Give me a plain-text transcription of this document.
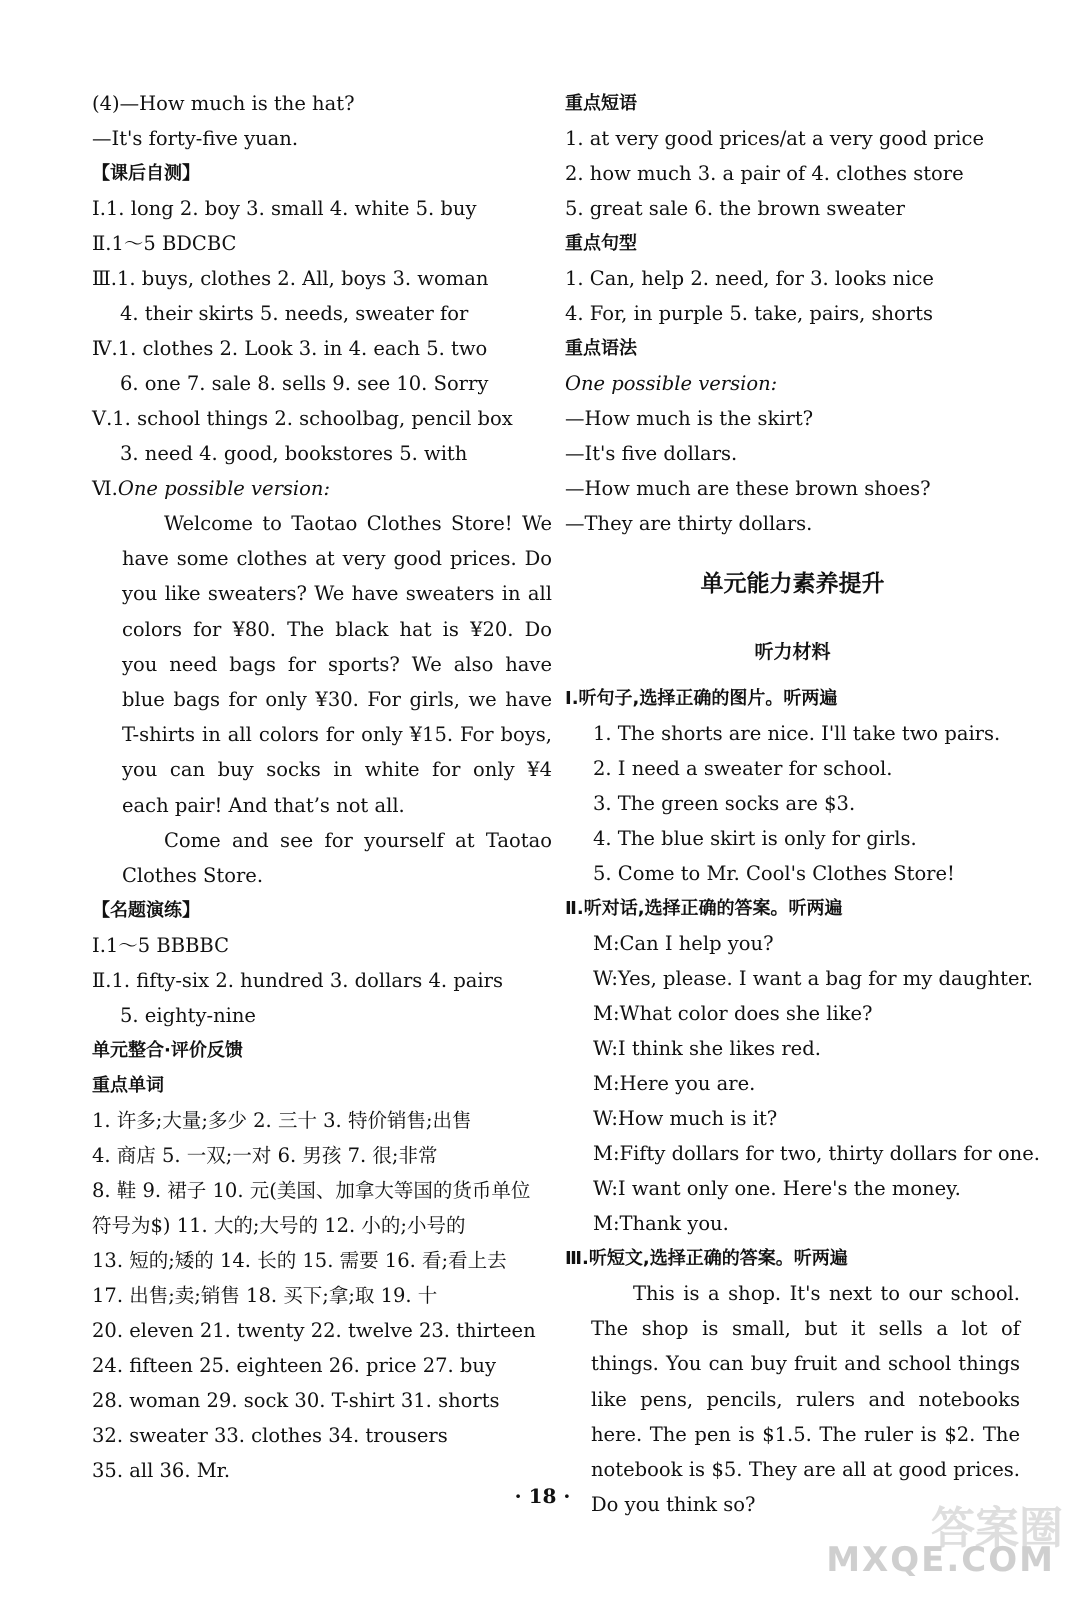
(4)—How much is the hat?
—It's forty-five yuan.
【课后自测】
Ⅰ.1. long 2. boy 3. small 4. white 5. buy
Ⅱ.1～5 BDCBC
Ⅲ.1. buys, clothes 2. All, boys 3. woman
4. their skirts 5. needs, sweater for
Ⅳ.1. clothes 2. Look 3. in 4. each 5. two
6. one 7. sale 8. sells 9. see 10. Sorry
Ⅴ.1. school things 2. schoolbag, pencil box
3. need 4. good, bookstores 5. with
Ⅵ.One possible version:

Welcome to Taotao Clothes Store! We have some clothes at very good prices. Do you like sweaters? We have sweaters in all colors for ¥80. The black hat is ¥20. Do you need bags for sports? We also have blue bags for only ¥30. For girls, we have T-shirts in all colors for only ¥15. For boys, you can buy socks in white for only ¥4 each pair! And that’s not all.

Come and see for yourself at Taotao Clothes Store.

【名题演练】
Ⅰ.1～5 BBBBC
Ⅱ.1. fifty-six 2. hundred 3. dollars 4. pairs
5. eighty-nine
单元整合·评价反馈
重点单词
1. 许多;大量;多少 2. 三十 3. 特价销售;出售
4. 商店 5. 一双;一对 6. 男孩 7. 很;非常
8. 鞋 9. 裙子 10. 元(美国、加拿大等国的货币单位
符号为$) 11. 大的;大号的 12. 小的;小号的
13. 短的;矮的 14. 长的 15. 需要 16. 看;看上去
17. 出售;卖;销售 18. 买下;拿;取 19. 十
20. eleven 21. twenty 22. twelve 23. thirteen
24. fifteen 25. eighteen 26. price 27. buy
28. woman 29. sock 30. T-shirt 31. shorts
32. sweater 33. clothes 34. trousers
35. all 36. Mr.
重点短语
1. at very good prices/at a very good price
2. how much 3. a pair of 4. clothes store
5. great sale 6. the brown sweater
重点句型
1. Can, help 2. need, for 3. looks nice
4. For, in purple 5. take, pairs, shorts
重点语法
One possible version:
—How much is the skirt?
—It's five dollars.
—How much are these brown shoes?
—They are thirty dollars.
单元能力素养提升
听力材料
Ⅰ.听句子,选择正确的图片。听两遍
1. The shorts are nice. I'll take two pairs.
2. I need a sweater for school.
3. The green socks are $3.
4. The blue skirt is only for girls.
5. Come to Mr. Cool's Clothes Store!
Ⅱ.听对话,选择正确的答案。听两遍
M:Can I help you?
W:Yes, please. I want a bag for my daughter.
M:What color does she like?
W:I think she likes red.
M:Here you are.
W:How much is it?
M:Fifty dollars for two, thirty dollars for one.
W:I want only one. Here's the money.
M:Thank you.
Ⅲ.听短文,选择正确的答案。听两遍

This is a shop. It's next to our school. The shop is small, but it sells a lot of things. You can buy fruit and school things like pens, pencils, rulers and notebooks here. The pen is $1.5. The ruler is $2. The notebook is $5. They are all at good prices. Do you think so?

· 18 ·
答案圈
MXQE.COM
